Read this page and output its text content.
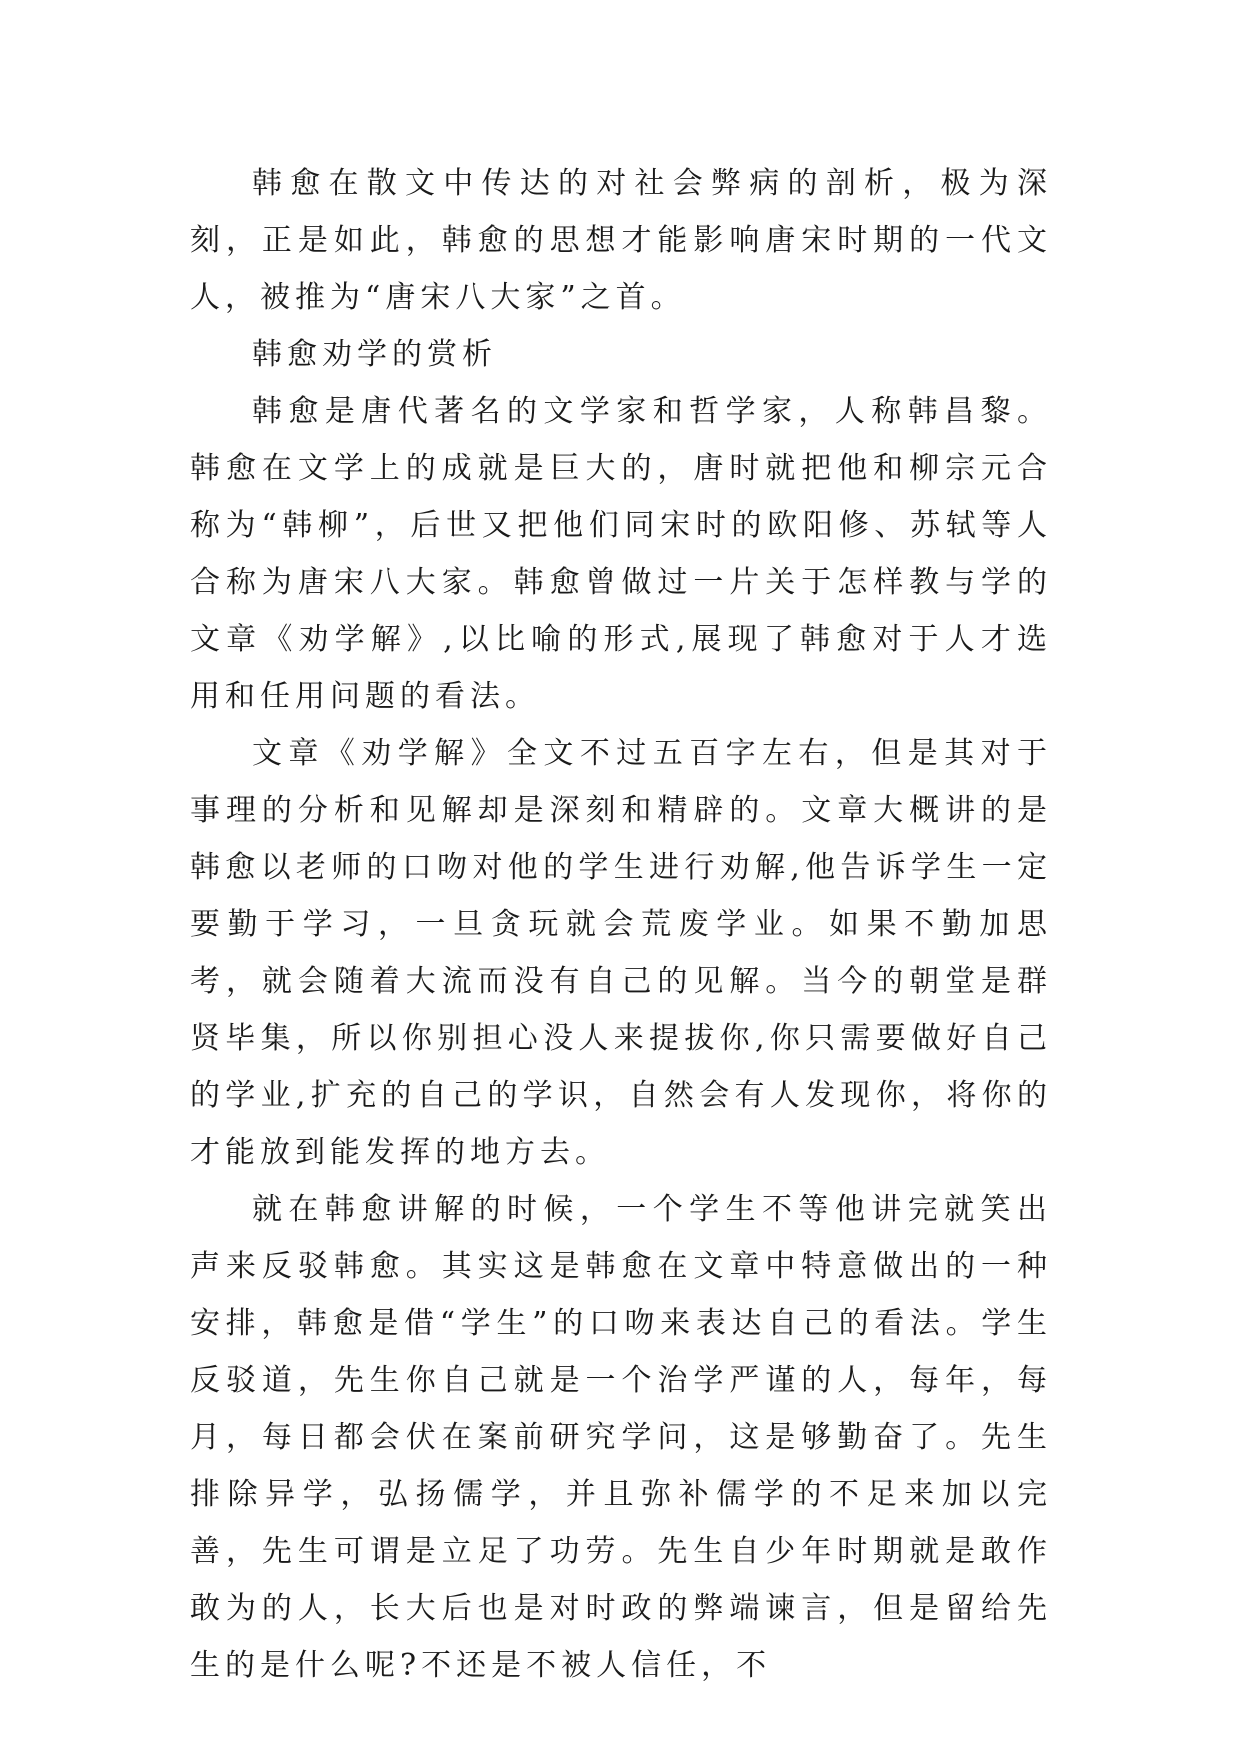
韩愈在散文中传达的对社会弊病的剖析，极为深刻，正是如此，韩愈的思想才能影响唐宋时期的一代文人，被推为“唐宋八大家”之首。

韩愈劝学的赏析

韩愈是唐代著名的文学家和哲学家，人称韩昌黎。韩愈在文学上的成就是巨大的，唐时就把他和柳宗元合称为“韩柳”，后世又把他们同宋时的欧阳修、苏轼等人合称为唐宋八大家。韩愈曾做过一片关于怎样教与学的文章《劝学解》,以比喻的形式,展现了韩愈对于人才选用和任用问题的看法。

文章《劝学解》全文不过五百字左右，但是其对于事理的分析和见解却是深刻和精辟的。文章大概讲的是韩愈以老师的口吻对他的学生进行劝解,他告诉学生一定要勤于学习，一旦贪玩就会荒废学业。如果不勤加思考，就会随着大流而没有自己的见解。当今的朝堂是群贤毕集，所以你别担心没人来提拔你,你只需要做好自己的学业,扩充的自己的学识，自然会有人发现你，将你的才能放到能发挥的地方去。

就在韩愈讲解的时候，一个学生不等他讲完就笑出声来反驳韩愈。其实这是韩愈在文章中特意做出的一种安排，韩愈是借“学生”的口吻来表达自己的看法。学生反驳道，先生你自己就是一个治学严谨的人，每年，每月，每日都会伏在案前研究学问，这是够勤奋了。先生排除异学，弘扬儒学，并且弥补儒学的不足来加以完善，先生可谓是立足了功劳。先生自少年时期就是敢作敢为的人，长大后也是对时政的弊端谏言，但是留给先生的是什么呢?不还是不被人信任，不
